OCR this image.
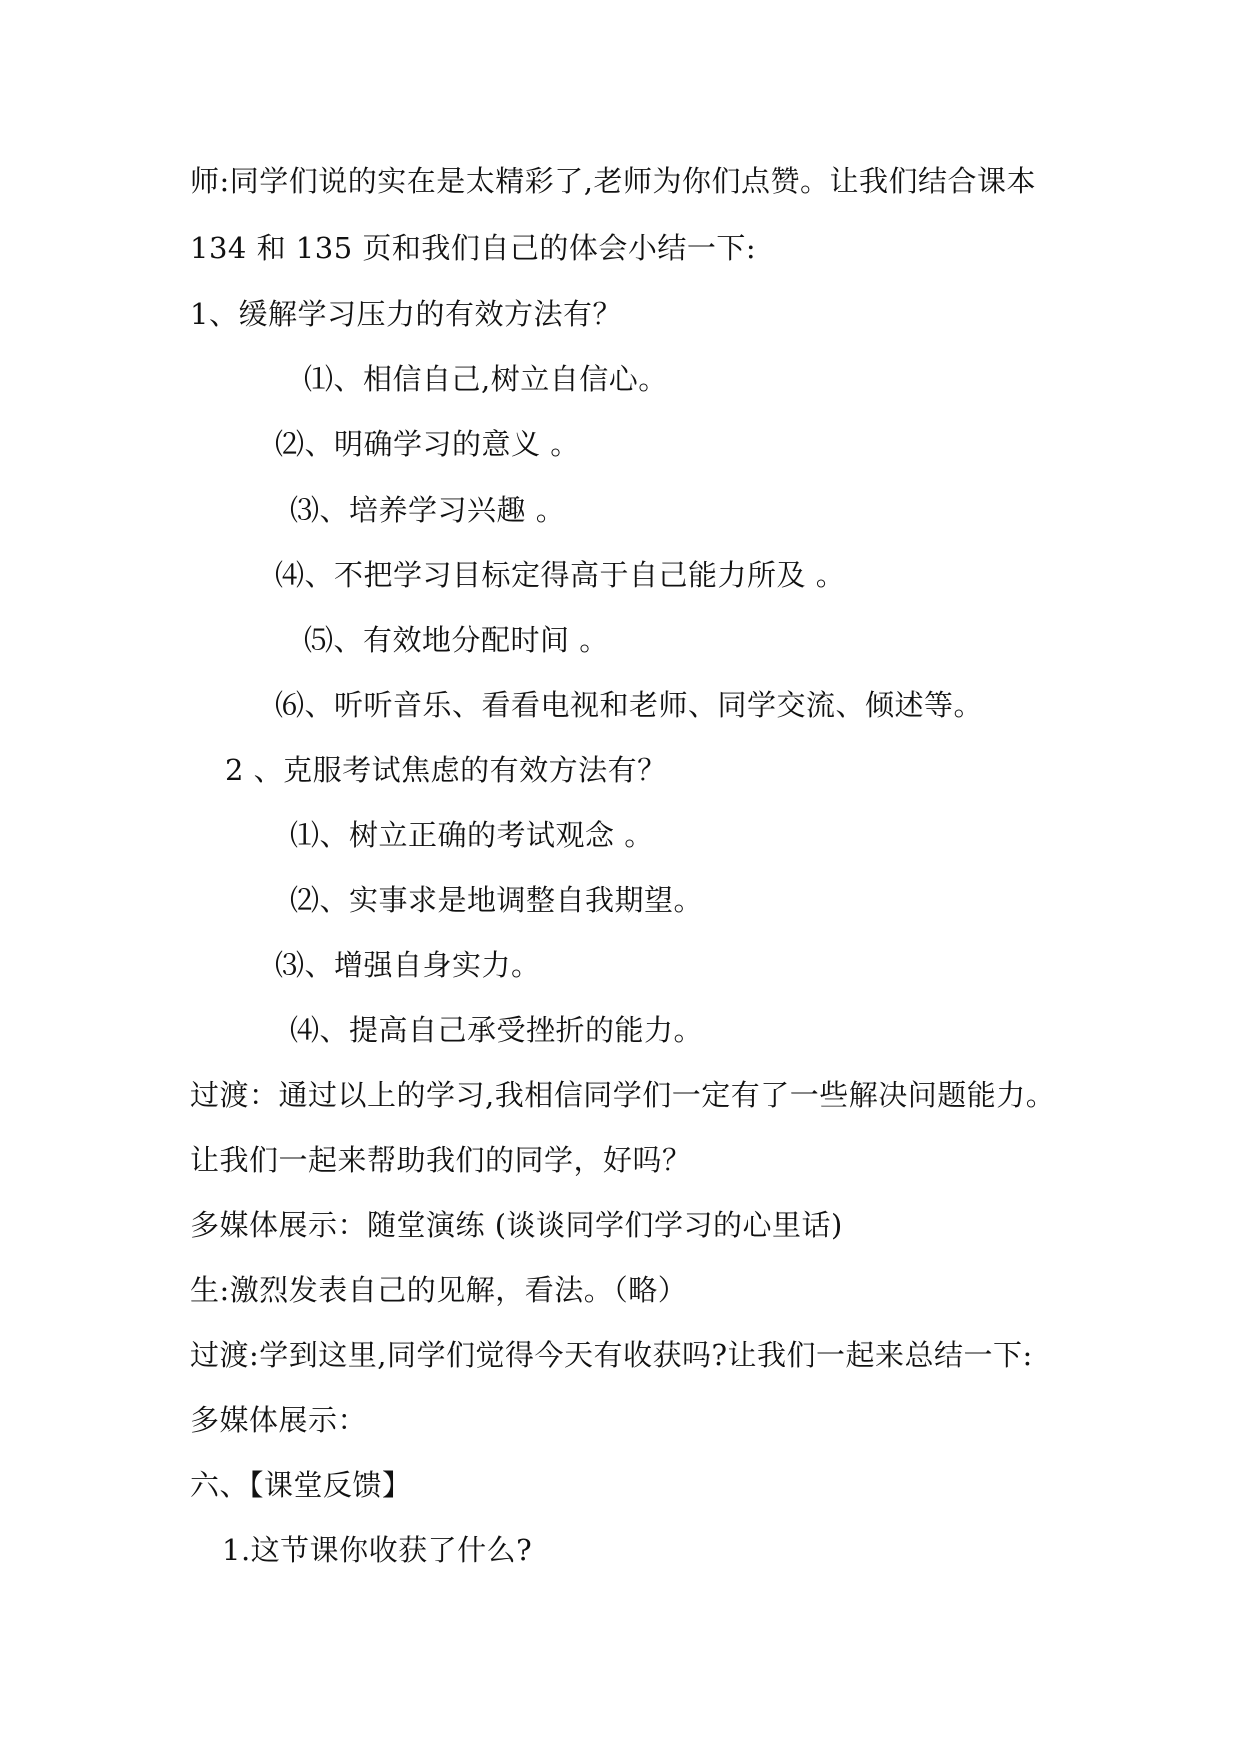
师:同学们说的实在是太精彩了,老师为你们点赞。让我们结合课本
134 和 135 页和我们自己的体会小结一下:
1、缓解学习压力的有效方法有？
⑴、相信自己,树立自信心。
⑵、明确学习的意义 。
⑶、培养学习兴趣 。
⑷、不把学习目标定得高于自己能力所及 。
⑸、有效地分配时间 。
⑹、听听音乐、看看电视和老师、同学交流、倾述等。
2 、克服考试焦虑的有效方法有？
⑴、树立正确的考试观念 。
⑵、实事求是地调整自我期望。
⑶、增强自身实力。
⑷、提高自己承受挫折的能力。
过渡：通过以上的学习,我相信同学们一定有了一些解决问题能力。
让我们一起来帮助我们的同学，好吗？
多媒体展示：随堂演练 (谈谈同学们学习的心里话)
生:激烈发表自己的见解，看法。（略）
过渡:学到这里,同学们觉得今天有收获吗?让我们一起来总结一下:
多媒体展示：
六、【课堂反馈】
1.这节课你收获了什么?
